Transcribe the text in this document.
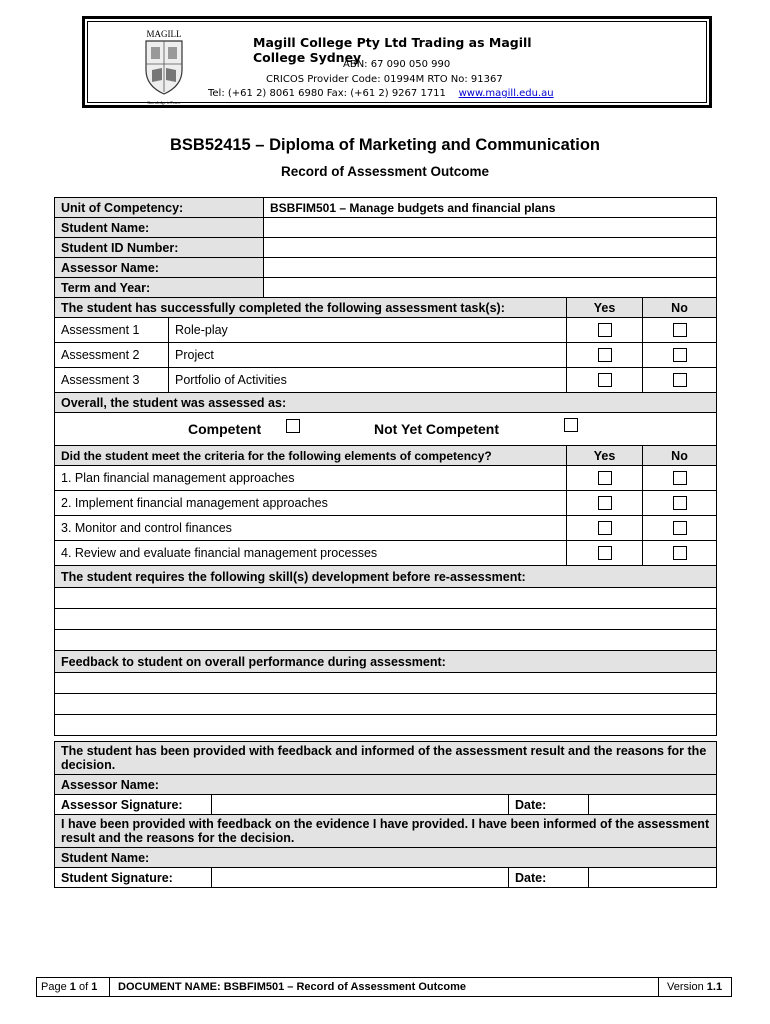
MAGILL
Knowledge is Power
Magill College Pty Ltd Trading as Magill College Sydney
ABN: 67 090 050 990
CRICOS Provider Code: 01994M RTO No: 91367
Tel: (+61 2) 8061 6980 Fax: (+61 2) 9267 1711 www.magill.edu.au
BSB52415 – Diploma of Marketing and Communication
Record of Assessment Outcome
Unit of Competency:		BSBFIM501 – Manage budgets and financial plans		
Student Name:				
Student ID Number:				
Assessor Name:				
Term and Year:				
The student has successfully completed the following assessment task(s):			Yes	No
Assessment 1	Role-play			
Assessment 2	Project			
Assessment 3	Portfolio of Activities			
Overall, the student was assessed as:				

Competent Not Yet Competent				

Did the student meet the criteria for the following elements of competency?			Yes	No
1. Plan financial management approaches				
2. Implement financial management approaches				
3. Monitor and control finances				
4. Review and evaluate financial management processes				
The student requires the following skill(s) development before re-assessment:				

Feedback to student on overall performance during assessment:				

The student has been provided with feedback and informed of the assessment result and the reasons for the decision.			
Assessor Name:			
Assessor Signature:		Date:	
I have been provided with feedback on the evidence I have provided. I have been informed of the assessment result and the reasons for the decision.			
Student Name:			
Student Signature:		Date:	
Page 1 of 1	DOCUMENT NAME: BSBFIM501 – Record of Assessment Outcome	Version 1.1
